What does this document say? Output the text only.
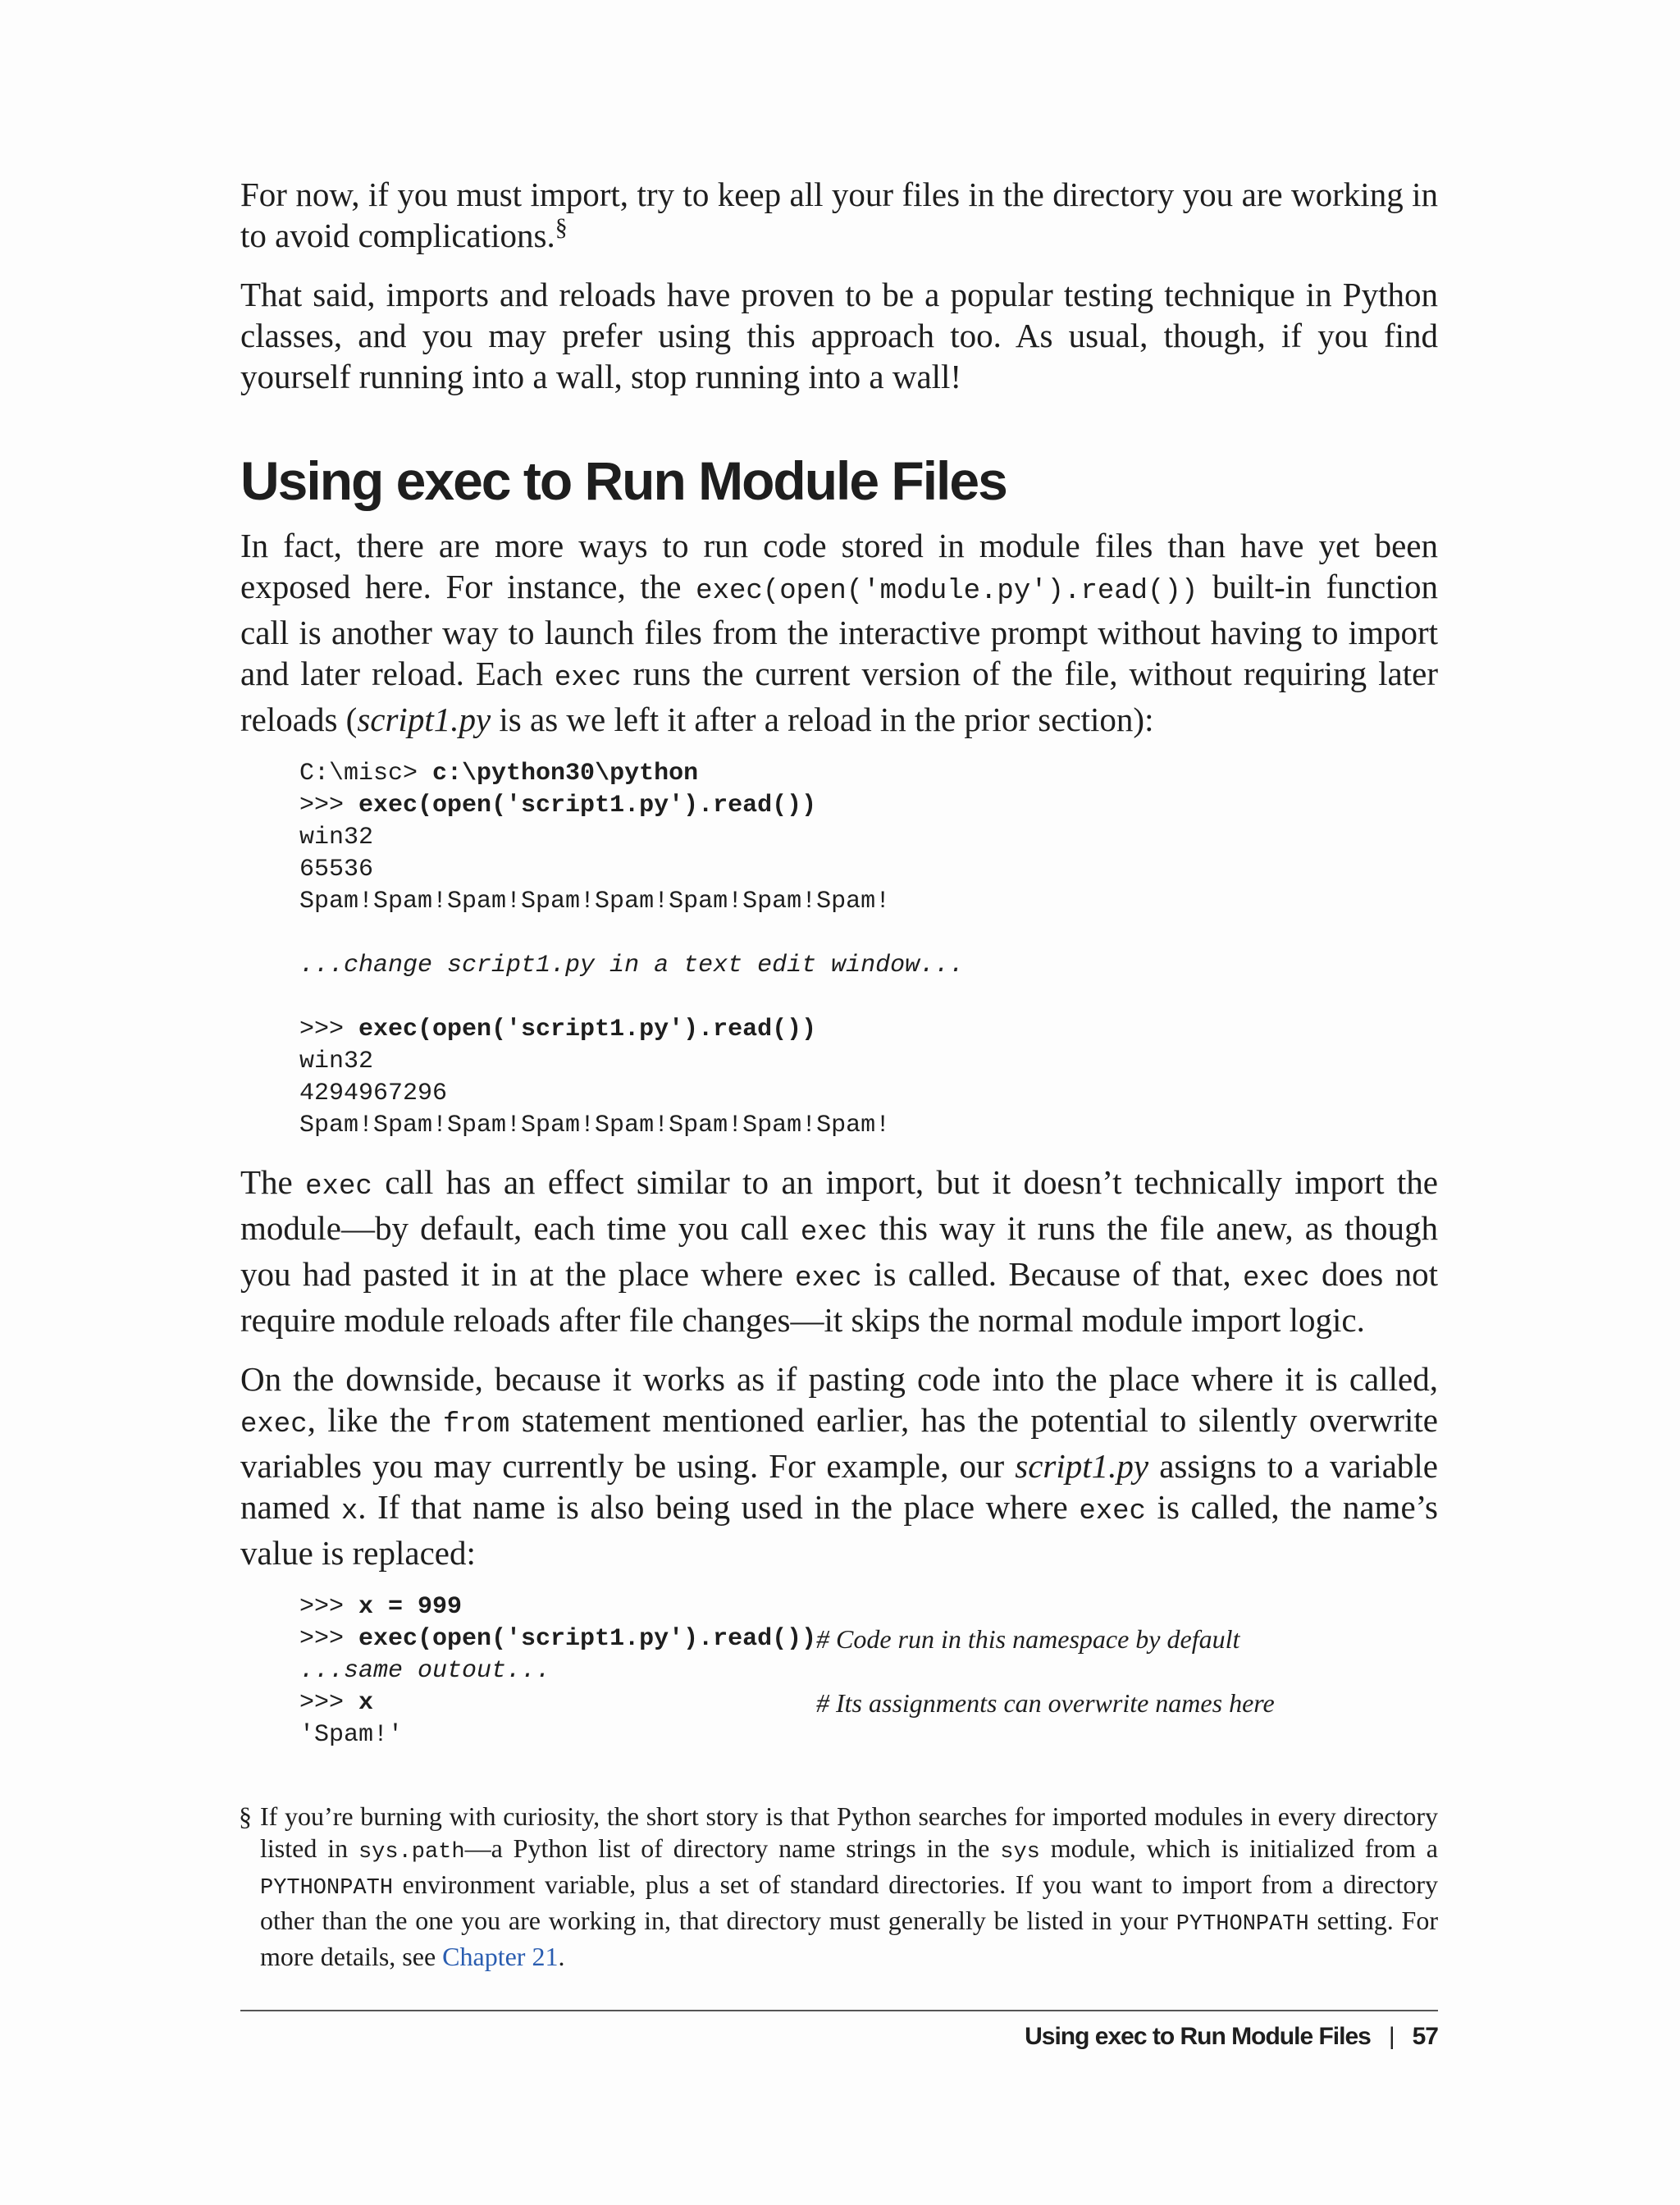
For now, if you must import, try to keep all your files in the directory you are working in to avoid complications.§

That said, imports and reloads have proven to be a popular testing technique in Python classes, and you may prefer using this approach too. As usual, though, if you find yourself running into a wall, stop running into a wall!

Using exec to Run Module Files

In fact, there are more ways to run code stored in module files than have yet been exposed here. For instance, the exec(open('module.py').read()) built-in function call is another way to launch files from the interactive prompt without having to import and later reload. Each exec runs the current version of the file, without requiring later reloads (script1.py is as we left it after a reload in the prior section):

C:\misc> c:\python30\python
>>> exec(open('script1.py').read())
win32
65536
Spam!Spam!Spam!Spam!Spam!Spam!Spam!Spam!
...change script1.py in a text edit window...
>>> exec(open('script1.py').read())
win32
4294967296
Spam!Spam!Spam!Spam!Spam!Spam!Spam!Spam!

The exec call has an effect similar to an import, but it doesn’t technically import the module—by default, each time you call exec this way it runs the file anew, as though you had pasted it in at the place where exec is called. Because of that, exec does not require module reloads after file changes—it skips the normal module import logic.

On the downside, because it works as if pasting code into the place where it is called, exec, like the from statement mentioned earlier, has the potential to silently overwrite variables you may currently be using. For example, our script1.py assigns to a variable named x. If that name is also being used in the place where exec is called, the name’s value is replaced:

>>> x = 999
>>> exec(open('script1.py').read()) # Code run in this namespace by default
...same outout...
>>> x	# Its assignments can overwrite names here
'Spam!'
§ If you’re burning with curiosity, the short story is that Python searches for imported modules in every directory listed in sys.path—a Python list of directory name strings in the sys module, which is initialized from a PYTHONPATH environment variable, plus a set of standard directories. If you want to import from a directory other than the one you are working in, that directory must generally be listed in your PYTHONPATH setting. For more details, see Chapter 21.
Using exec to Run Module Files | 57
